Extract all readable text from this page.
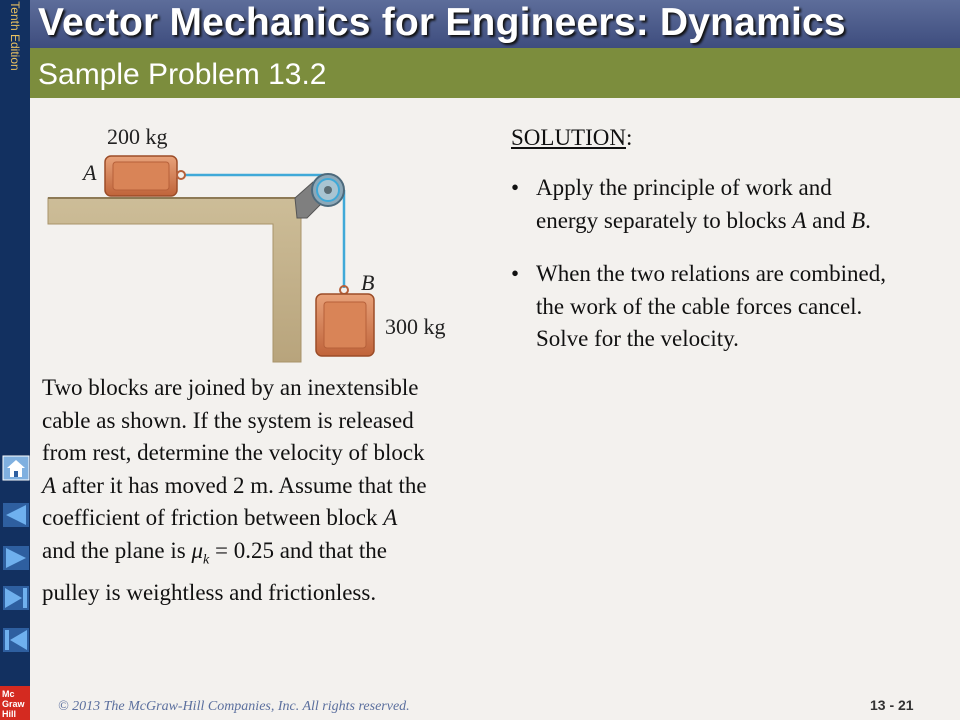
Tenth Edition
Mc Graw Hill
Vector Mechanics for Engineers: Dynamics
Sample Problem 13.2
200 kg
A
B
300 kg
Two blocks are joined by an inextensible
cable as shown. If the system is released
from rest, determine the velocity of block
A after it has moved 2 m. Assume that the
coefficient of friction between block A
and the plane is $\mu_k = 0.25$ and that the
pulley is weightless and frictionless.
SOLUTION:
• Apply the principle of work and
energy separately to blocks A and B.
• When the two relations are combined,
the work of the cable forces cancel.
Solve for the velocity.
© 2013 The McGraw-Hill Companies, Inc. All rights reserved.	13 - 21
